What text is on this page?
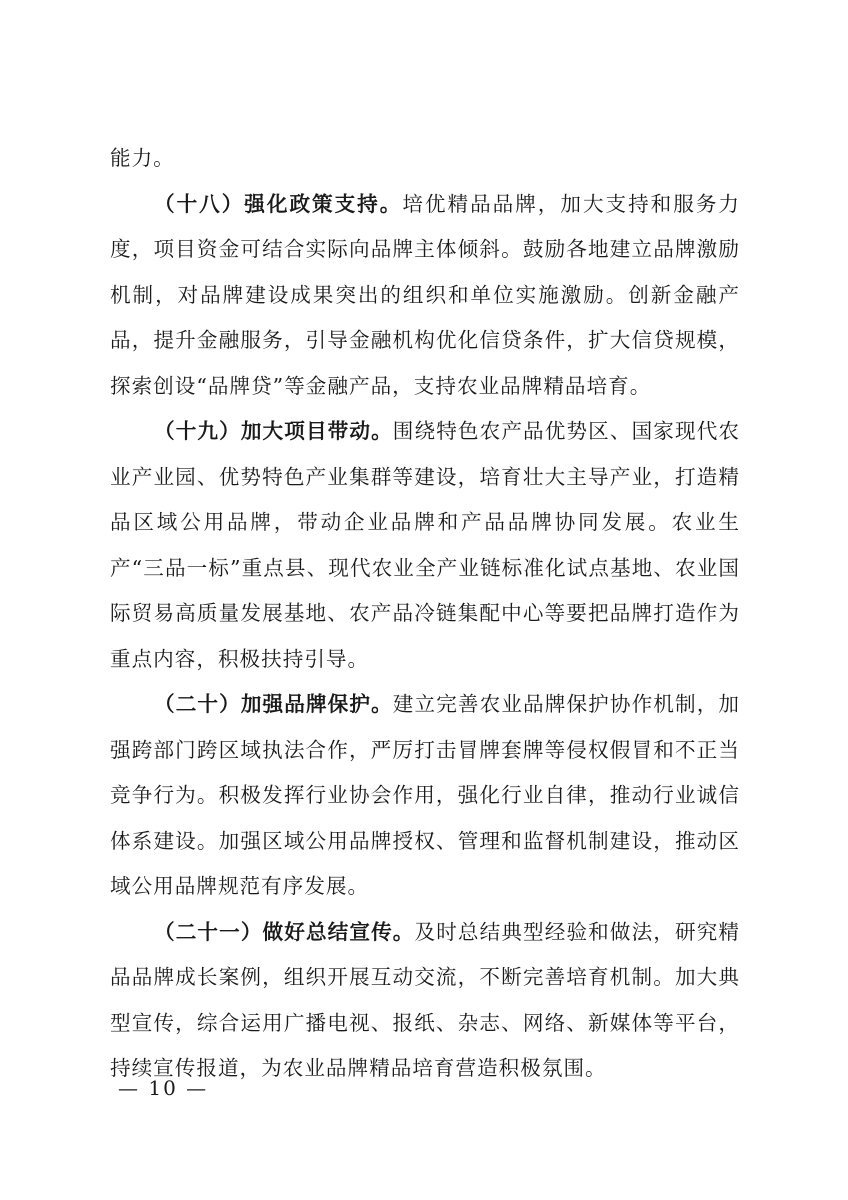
能力。

（十八）强化政策支持。培优精品品牌，加大支持和服务力度，项目资金可结合实际向品牌主体倾斜。鼓励各地建立品牌激励机制，对品牌建设成果突出的组织和单位实施激励。创新金融产品，提升金融服务，引导金融机构优化信贷条件，扩大信贷规模，探索创设“品牌贷”等金融产品，支持农业品牌精品培育。

（十九）加大项目带动。围绕特色农产品优势区、国家现代农业产业园、优势特色产业集群等建设，培育壮大主导产业，打造精品区域公用品牌，带动企业品牌和产品品牌协同发展。农业生产“三品一标”重点县、现代农业全产业链标准化试点基地、农业国际贸易高质量发展基地、农产品冷链集配中心等要把品牌打造作为重点内容，积极扶持引导。

（二十）加强品牌保护。建立完善农业品牌保护协作机制，加强跨部门跨区域执法合作，严厉打击冒牌套牌等侵权假冒和不正当竞争行为。积极发挥行业协会作用，强化行业自律，推动行业诚信体系建设。加强区域公用品牌授权、管理和监督机制建设，推动区域公用品牌规范有序发展。

（二十一）做好总结宣传。及时总结典型经验和做法，研究精品品牌成长案例，组织开展互动交流，不断完善培育机制。加大典型宣传，综合运用广播电视、报纸、杂志、网络、新媒体等平台，持续宣传报道，为农业品牌精品培育营造积极氛围。

— 10 —
